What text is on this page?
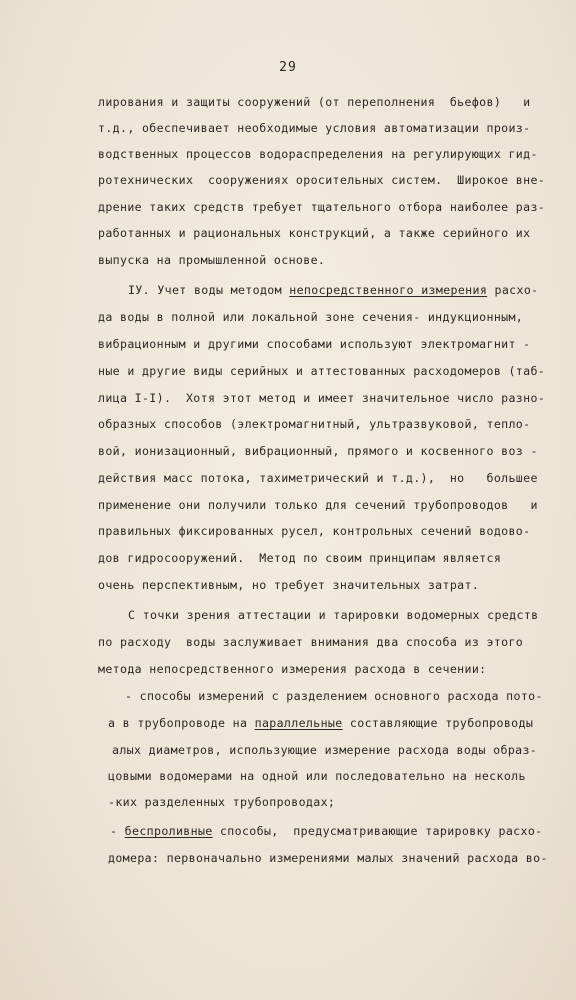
29
лирования и защиты сооружений (от переполнения  бьефов)   и
т.д., обеспечивает необходимые условия автоматизации произ-
водственных процессов водораспределения на регулирующих гид-
ротехнических  сооружениях оросительных систем.  Широкое вне-
дрение таких средств требует тщательного отбора наиболее раз-
работанных и рациональных конструкций, а также серийного их
выпуска на промышленной основе.
IУ. Учет воды методом непосредственного измерения расхо-
да воды в полной или локальной зоне сечения- индукционным,
вибрационным и другими способами используют электромагнит -
ные и другие виды серийных и аттестованных расходомеров (таб-
лица I-I).  Хотя этот метод и имеет значительное число разно-
образных способов (электромагнитный, ультразвуковой, тепло-
вой, ионизационный, вибрационный, прямого и косвенного воз -
действия масс потока, тахиметрический и т.д.),  но   большее
применение они получили только для сечений трубопроводов   и
правильных фиксированных русел, контрольных сечений водово-
дов гидросооружений.  Метод по своим принципам является
очень перспективным, но требует значительных затрат.
С точки зрения аттестации и тарировки водомерных средств
по расходу  воды заслуживает внимания два способа из этого
метода непосредственного измерения расхода в сечении:
- способы измерений с разделением основного расхода пото-
а в трубопроводе на параллельные составляющие трубопроводы
алых диаметров, использующие измерение расхода воды образ-
цовыми водомерами на одной или последовательно на несколь
-ких разделенных трубопроводах;
- беспроливные способы,  предусматривающие тарировку расхо-
домера: первоначально измерениями малых значений расхода во-
